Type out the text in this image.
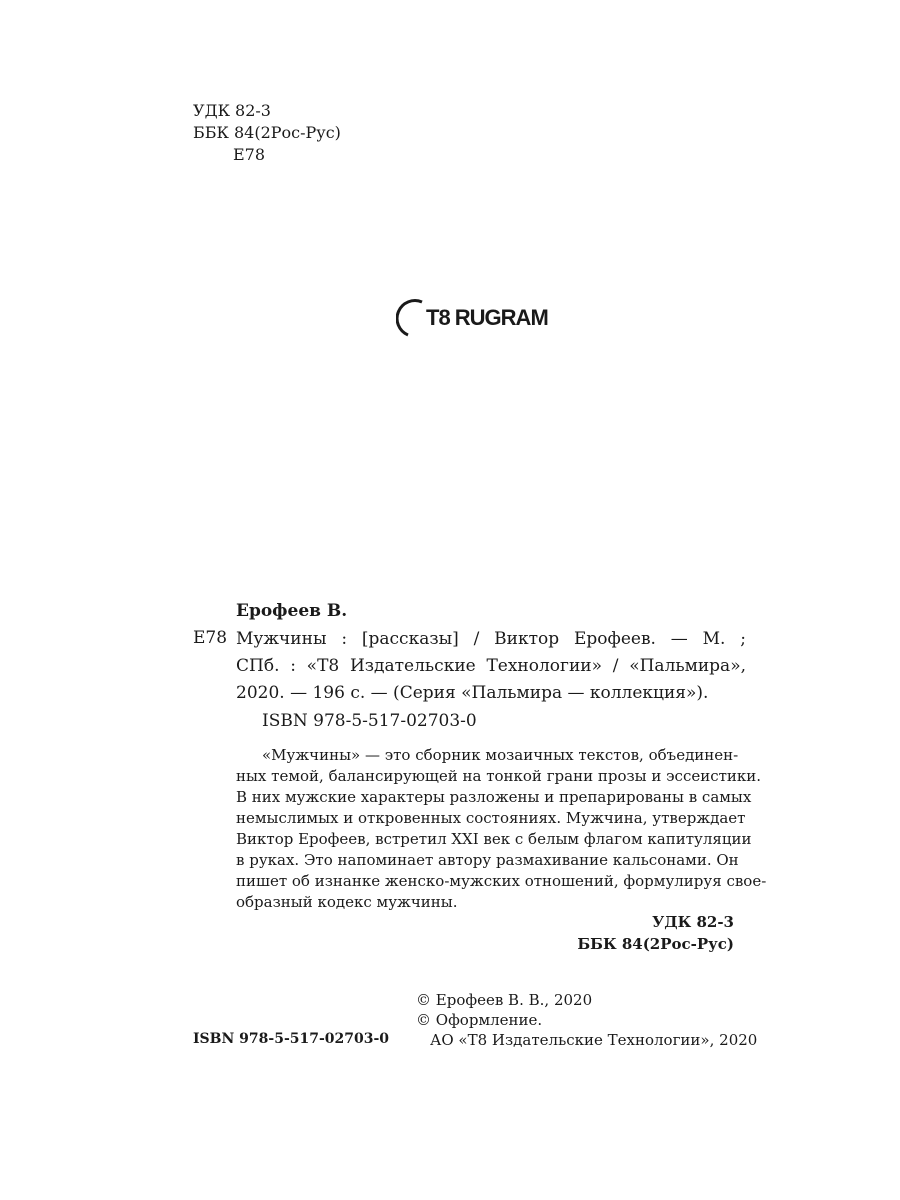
УДК 82-3
ББК 84(2Рос-Рус)
Е78
T8 RUGRAM
Ерофеев В.
Е78 Мужчины : [рассказы] / Виктор Ерофеев. — М. ;
СПб. : «Т8 Издательские Технологии» / «Пальмира»,
2020. — 196 с. — (Серия «Пальмира — коллекция»).
ISBN 978-5-517-02703-0
«Мужчины» — это сборник мозаичных текстов, объединен-
ных темой, балансирующей на тонкой грани прозы и эссеистики.
В них мужские характеры разложены и препарированы в самых
немыслимых и откровенных состояниях. Мужчина, утверждает
Виктор Ерофеев, встретил XXI век с белым флагом капитуляции
в руках. Это напоминает автору размахивание кальсонами. Он
пишет об изнанке женско-мужских отношений, формулируя свое-
образный кодекс мужчины.
УДК 82-3
ББК 84(2Рос-Рус)
© Ерофеев В. В., 2020
© Оформление.
АО «Т8 Издательские Технологии», 2020
ISBN 978-5-517-02703-0
